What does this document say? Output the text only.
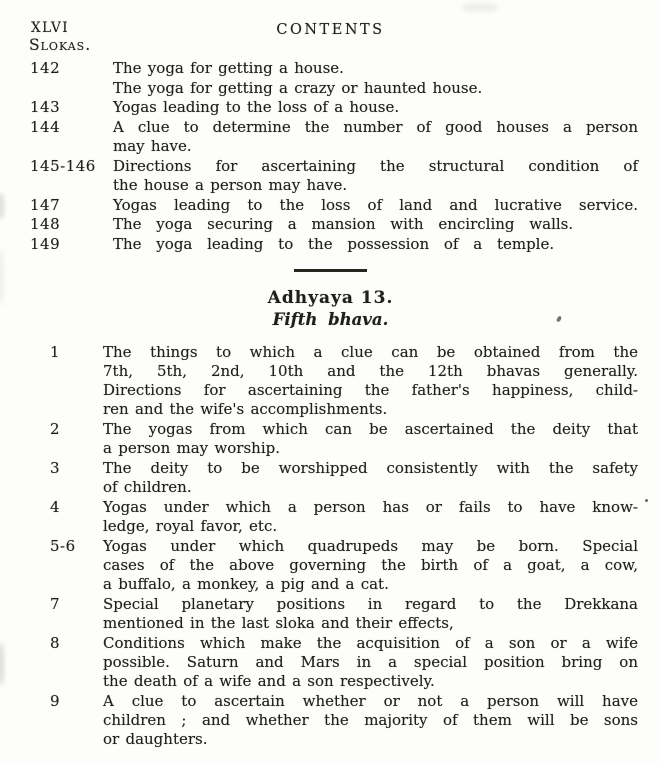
XLVI	CONTENTS
Slokas.
142	The yoga for getting a house.
The yoga for getting a crazy or haunted house.
143	Yogas leading to the loss of a house.
144	A clue to determine the number of good houses a person
may have.
145-146	Directions for ascertaining the structural condition of
the house a person may have.
147	Yogas leading to the loss of land and lucrative service.
148	The yoga securing a mansion with encircling walls.
149	The yoga leading to the possession of a temple.
Adhyaya 13.
Fifth bhava.
1	The things to which a clue can be obtained from the
7th, 5th, 2nd, 10th and the 12th bhavas generally.
Directions for ascertaining the father's happiness, child-
ren and the wife's accomplishments.
2	The yogas from which can be ascertained the deity that
a person may worship.
3	The deity to be worshipped consistently with the safety
of children.
4	Yogas under which a person has or fails to have know-
ledge, royal favor, etc.
5-6	Yogas under which quadrupeds may be born. Special
cases of the above governing the birth of a goat, a cow,
a buffalo, a monkey, a pig and a cat.
7	Special planetary positions in regard to the Drekkana
mentioned in the last sloka and their effects,
8	Conditions which make the acquisition of a son or a wife
possible. Saturn and Mars in a special position bring on
the death of a wife and a son respectively.
9	A clue to ascertain whether or not a person will have
children ; and whether the majority of them will be sons
or daughters.
